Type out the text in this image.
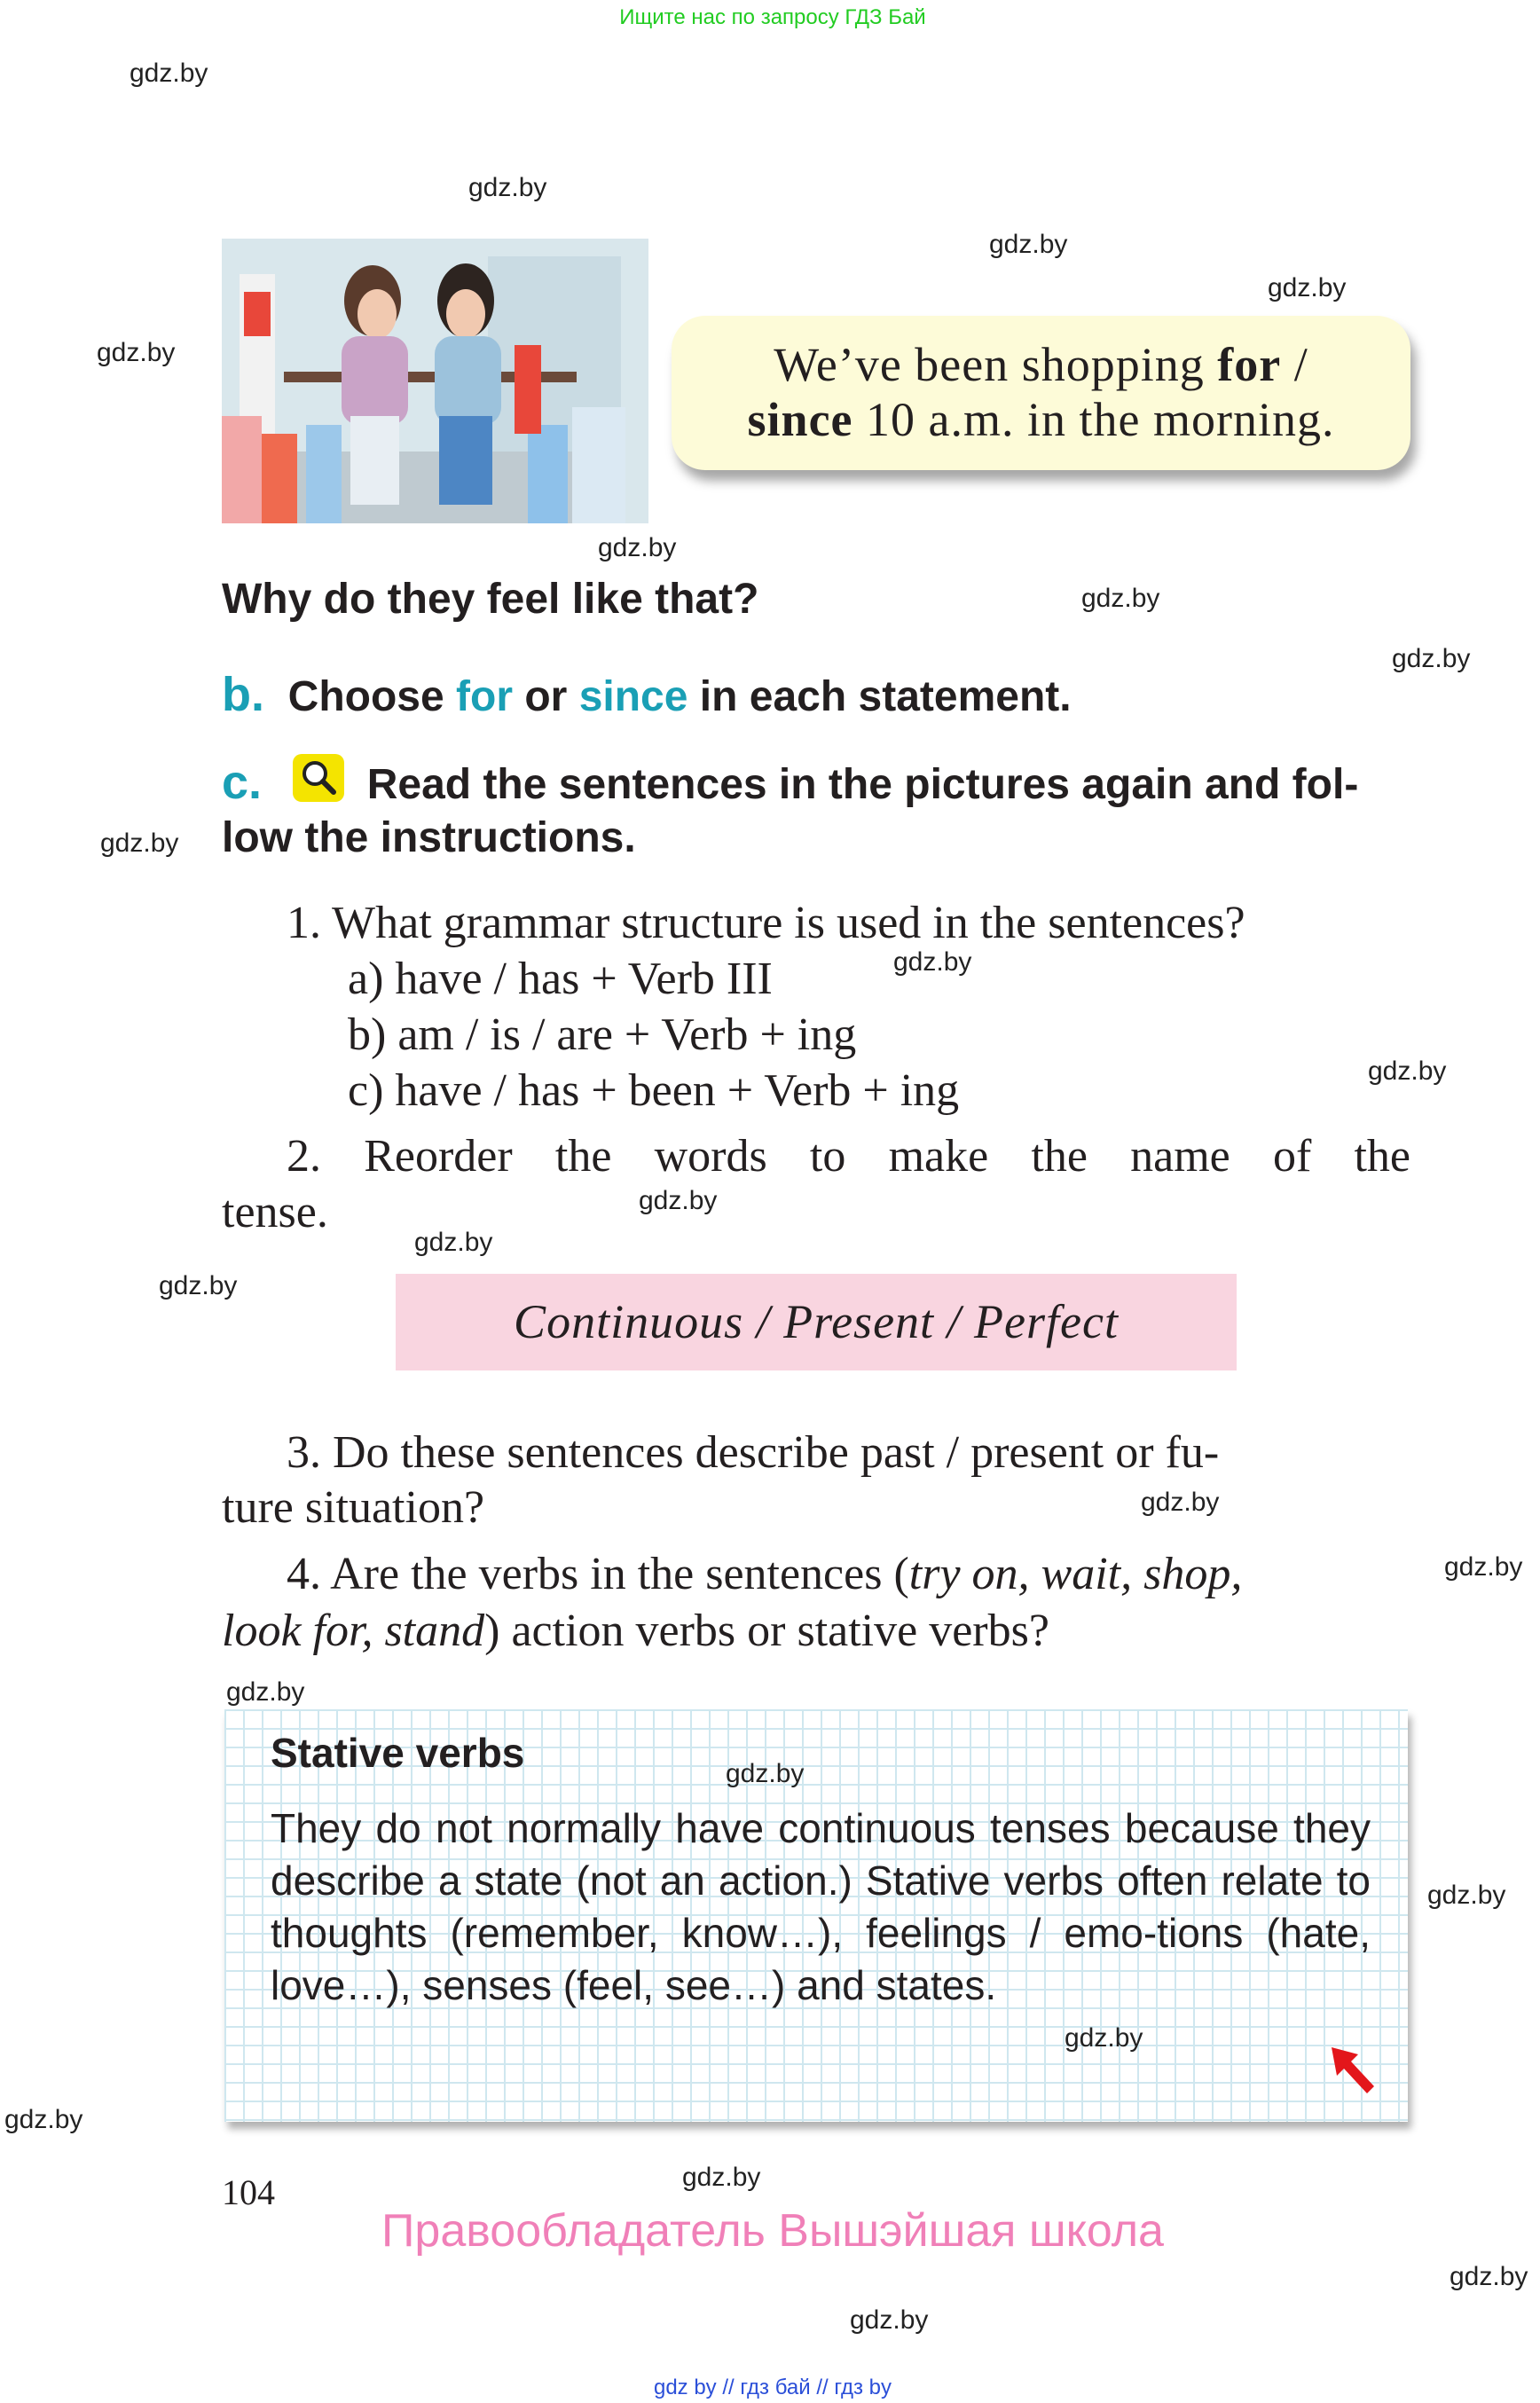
Ищите нас по запросу ГДЗ Бай
We’ve been shopping for /
since 10 a.m. in the morning.
Why do they feel like that?
b. Choose for or since in each statement.
c. Read the sentences in the pictures again and fol-
low the instructions.
1. What grammar structure is used in the sentences?
a) have / has + Verb III
b) am / is / are + Verb + ing
c) have / has + been + Verb + ing
2. Reorder the words to make the name of the
tense.
Continuous / Present / Perfect
3. Do these sentences describe past / present or fu-
ture situation?
4. Are the verbs in the sentences (try on, wait, shop,
look for, stand) action verbs or stative verbs?
Stative verbs
They do not normally have continuous tenses because they describe a state (not an action.) Stative verbs often relate to thoughts (remember, know…), feelings / emo-tions (hate, love…), senses (feel, see…) and states.
104
Правообладатель Вышэйшая школа
gdz by // гдз бай // гдз by
gdz.by
gdz.by
gdz.by
gdz.by
gdz.by
gdz.by
gdz.by
gdz.by
gdz.by
gdz.by
gdz.by
gdz.by
gdz.by
gdz.by
gdz.by
gdz.by
gdz.by
gdz.by
gdz.by
gdz.by
gdz.by
gdz.by
gdz.by
gdz.by
